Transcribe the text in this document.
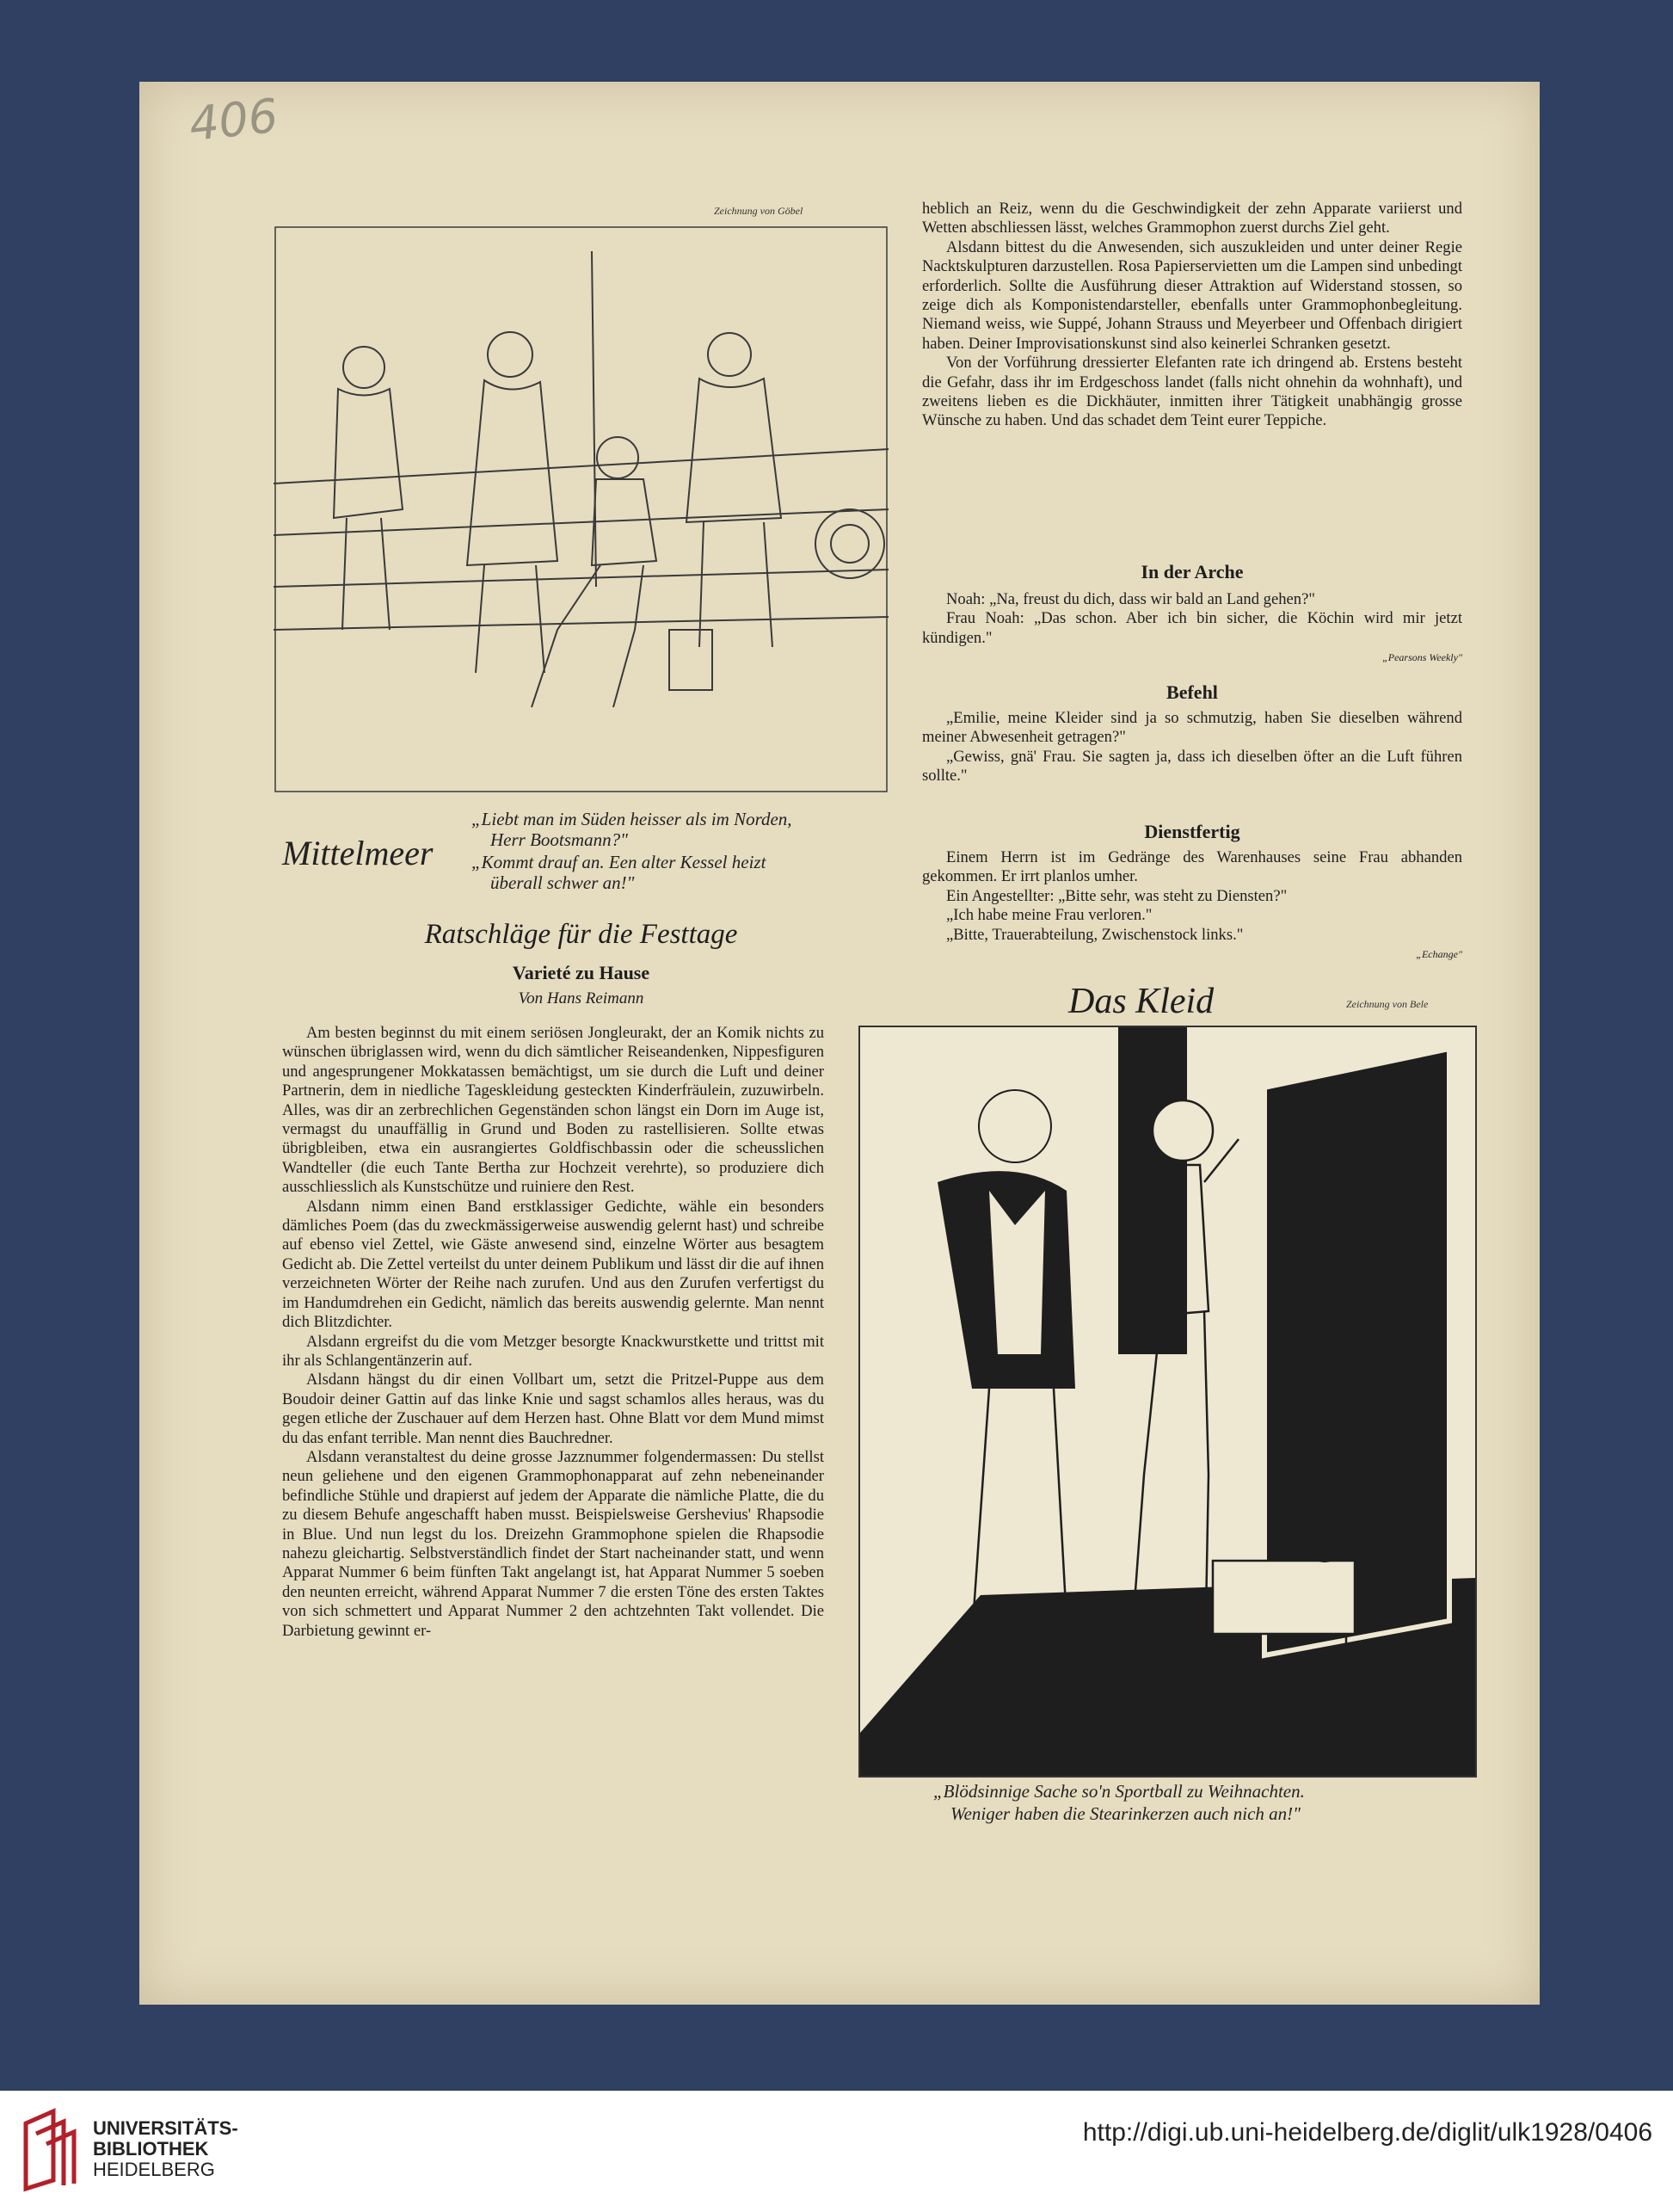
406
Zeichnung von Göbel
Mittelmeer
„Liebt man im Süden heisser als im Norden,
Herr Bootsmann?"
„Kommt drauf an. Een alter Kessel heizt
überall schwer an!"
Ratschläge für die Festtage
Varieté zu Hause
Von Hans Reimann

Am besten beginnst du mit einem seriösen Jongleurakt, der an Komik nichts zu wünschen übriglassen wird, wenn du dich sämtlicher Reiseandenken, Nippesfiguren und angesprungener Mokkatassen bemächtigst, um sie durch die Luft und deiner Partnerin, dem in niedliche Tageskleidung gesteckten Kinderfräulein, zuzuwirbeln. Alles, was dir an zerbrechlichen Gegenständen schon längst ein Dorn im Auge ist, vermagst du unauffällig in Grund und Boden zu rastellisieren. Sollte etwas übrigbleiben, etwa ein ausrangiertes Goldfischbassin oder die scheusslichen Wandteller (die euch Tante Bertha zur Hochzeit verehrte), so produziere dich ausschliesslich als Kunstschütze und ruiniere den Rest.

Alsdann nimm einen Band erstklassiger Gedichte, wähle ein besonders dämliches Poem (das du zweckmässigerweise auswendig gelernt hast) und schreibe auf ebenso viel Zettel, wie Gäste anwesend sind, einzelne Wörter aus besagtem Gedicht ab. Die Zettel verteilst du unter deinem Publikum und lässt dir die auf ihnen verzeichneten Wörter der Reihe nach zurufen. Und aus den Zurufen verfertigst du im Handumdrehen ein Gedicht, nämlich das bereits auswendig gelernte. Man nennt dich Blitzdichter.

Alsdann ergreifst du die vom Metzger besorgte Knackwurstkette und trittst mit ihr als Schlangentänzerin auf.

Alsdann hängst du dir einen Vollbart um, setzt die Pritzel-Puppe aus dem Boudoir deiner Gattin auf das linke Knie und sagst schamlos alles heraus, was du gegen etliche der Zuschauer auf dem Herzen hast. Ohne Blatt vor dem Mund mimst du das enfant terrible. Man nennt dies Bauchredner.

Alsdann veranstaltest du deine grosse Jazznummer folgendermassen: Du stellst neun geliehene und den eigenen Grammophonapparat auf zehn nebeneinander befindliche Stühle und drapierst auf jedem der Apparate die nämliche Platte, die du zu diesem Behufe angeschafft haben musst. Beispielsweise Gershevius' Rhapsodie in Blue. Und nun legst du los. Dreizehn Grammophone spielen die Rhapsodie nahezu gleichartig. Selbstverständlich findet der Start nacheinander statt, und wenn Apparat Nummer 6 beim fünften Takt angelangt ist, hat Apparat Nummer 5 soeben den neunten erreicht, während Apparat Nummer 7 die ersten Töne des ersten Taktes von sich schmettert und Apparat Nummer 2 den achtzehnten Takt vollendet. Die Darbietung gewinnt er-

heblich an Reiz, wenn du die Geschwindigkeit der zehn Apparate variierst und Wetten abschliessen lässt, welches Grammophon zuerst durchs Ziel geht.

Alsdann bittest du die Anwesenden, sich auszukleiden und unter deiner Regie Nacktskulpturen darzustellen. Rosa Papierservietten um die Lampen sind unbedingt erforderlich. Sollte die Ausführung dieser Attraktion auf Widerstand stossen, so zeige dich als Komponistendarsteller, ebenfalls unter Grammophonbegleitung. Niemand weiss, wie Suppé, Johann Strauss und Meyerbeer und Offenbach dirigiert haben. Deiner Improvisationskunst sind also keinerlei Schranken gesetzt.

Von der Vorführung dressierter Elefanten rate ich dringend ab. Erstens besteht die Gefahr, dass ihr im Erdgeschoss landet (falls nicht ohnehin da wohnhaft), und zweitens lieben es die Dickhäuter, inmitten ihrer Tätigkeit unabhängig grosse Wünsche zu haben. Und das schadet dem Teint eurer Teppiche.

In der Arche

Noah: „Na, freust du dich, dass wir bald an Land gehen?"

Frau Noah: „Das schon. Aber ich bin sicher, die Köchin wird mir jetzt kündigen."

„Pearsons Weekly"
Befehl

„Emilie, meine Kleider sind ja so schmutzig, haben Sie dieselben während meiner Abwesenheit getragen?"

„Gewiss, gnä' Frau. Sie sagten ja, dass ich dieselben öfter an die Luft führen sollte."

Dienstfertig

Einem Herrn ist im Gedränge des Warenhauses seine Frau abhanden gekommen. Er irrt planlos umher.

Ein Angestellter: „Bitte sehr, was steht zu Diensten?"

„Ich habe meine Frau verloren."

„Bitte, Trauerabteilung, Zwischenstock links."

„Echange"
Das Kleid	Zeichnung von Bele
Bele 28
„Blödsinnige Sache so'n Sportball zu Weihnachten.
Weniger haben die Stearinkerzen auch nich an!"
UNIVERSITÄTS-
BIBLIOTHEK
HEIDELBERG
http://digi.ub.uni-heidelberg.de/diglit/ulk1928/0406
